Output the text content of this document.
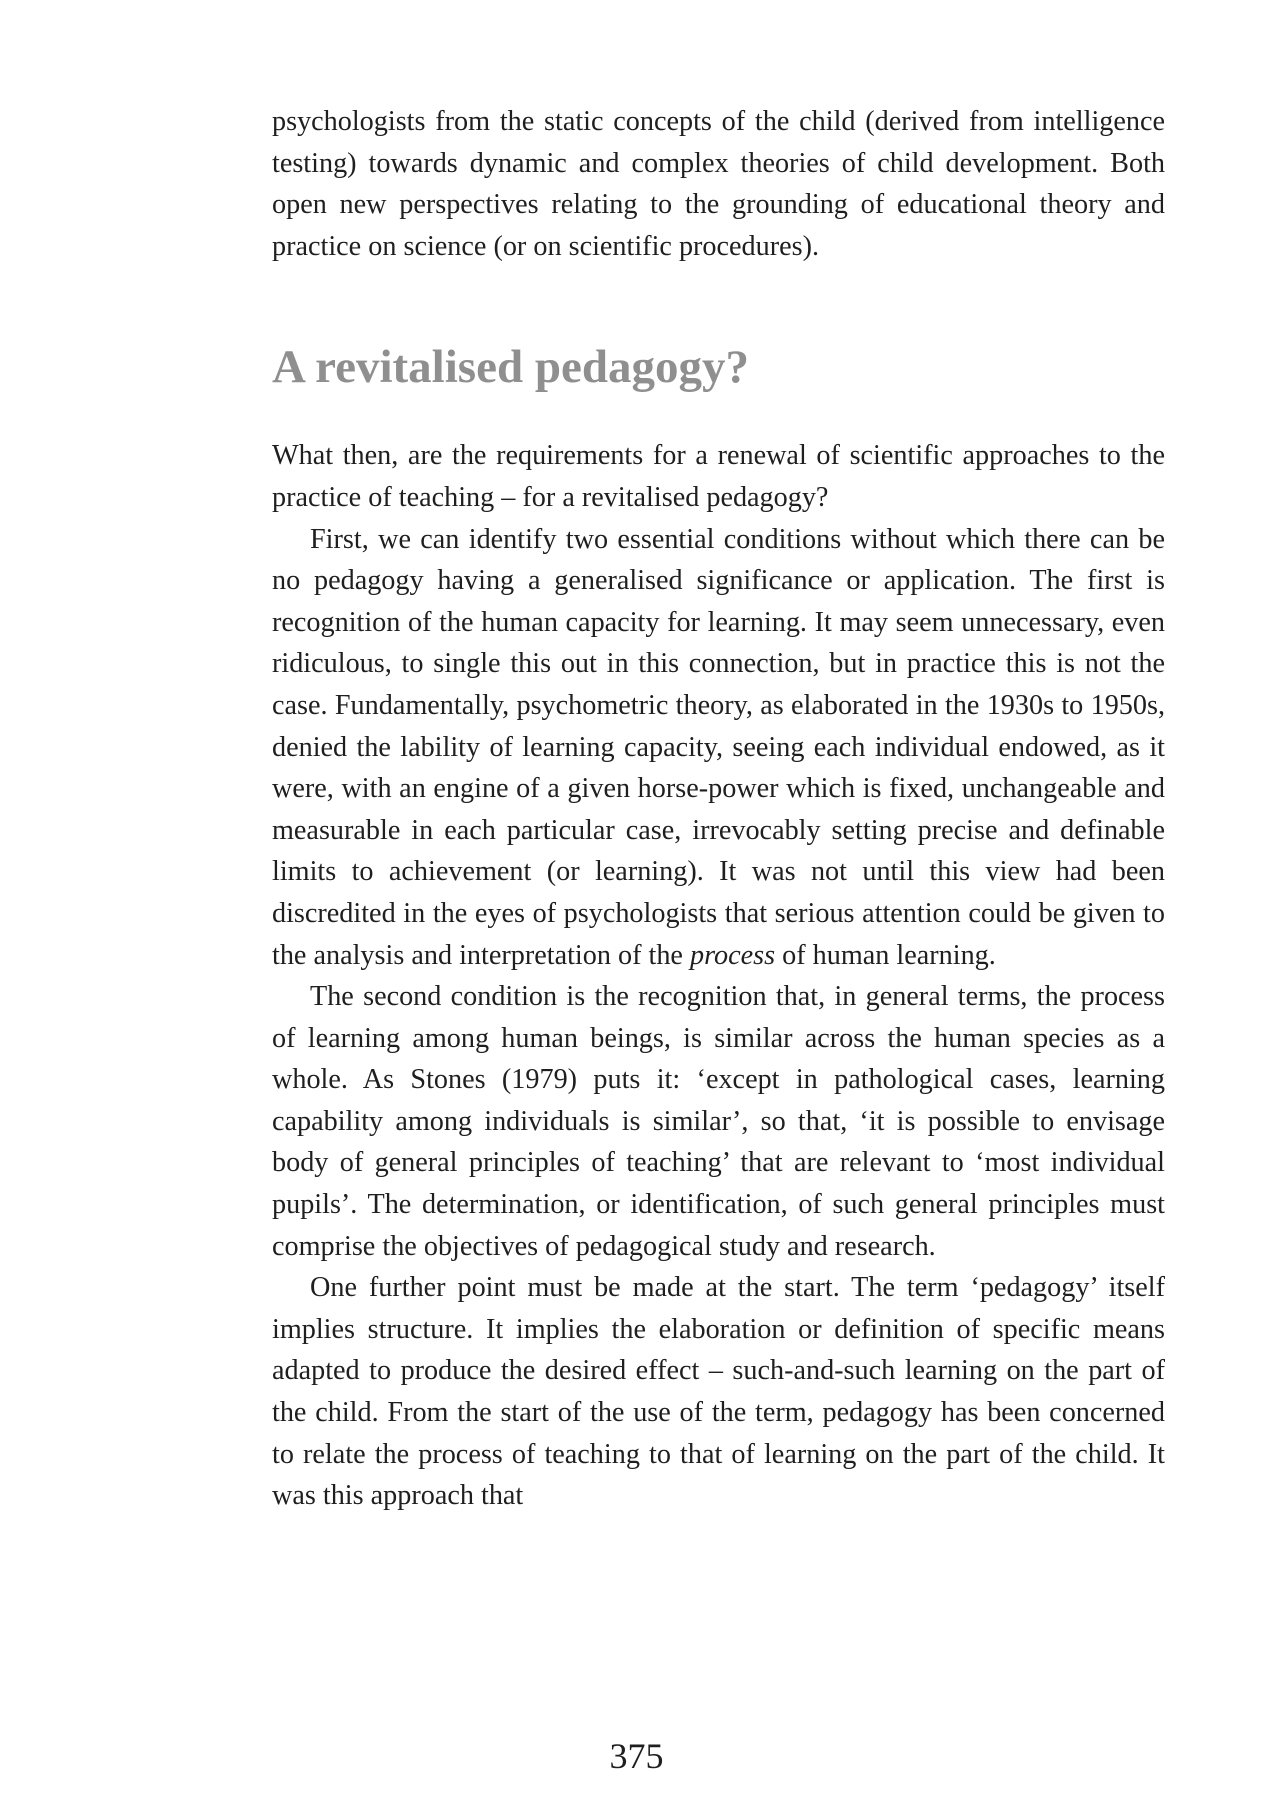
psychologists from the static concepts of the child (derived from intelligence testing) towards dynamic and complex theories of child development. Both open new perspectives relating to the grounding of educational theory and practice on science (or on scientific procedures).

A revitalised pedagogy?

What then, are the requirements for a renewal of scientific approaches to the practice of teaching – for a revitalised pedagogy?

First, we can identify two essential conditions without which there can be no pedagogy having a generalised significance or application. The first is recognition of the human capacity for learning. It may seem unnecessary, even ridiculous, to single this out in this connection, but in practice this is not the case. Fundamentally, psychometric theory, as elaborated in the 1930s to 1950s, denied the lability of learning capacity, seeing each individual endowed, as it were, with an engine of a given horse-power which is fixed, unchangeable and measurable in each particular case, irrevocably setting precise and definable limits to achievement (or learning). It was not until this view had been discredited in the eyes of psychologists that serious attention could be given to the analysis and interpretation of the process of human learning.

The second condition is the recognition that, in general terms, the process of learning among human beings, is similar across the human species as a whole. As Stones (1979) puts it: ‘except in pathological cases, learning capability among individuals is similar’, so that, ‘it is possible to envisage body of general principles of teaching’ that are relevant to ‘most individual pupils’. The determination, or identification, of such general principles must comprise the objectives of pedagogical study and research.

One further point must be made at the start. The term ‘pedagogy’ itself implies structure. It implies the elaboration or definition of specific means adapted to produce the desired effect – such-and-such learning on the part of the child. From the start of the use of the term, pedagogy has been concerned to relate the process of teaching to that of learning on the part of the child. It was this approach that

375
